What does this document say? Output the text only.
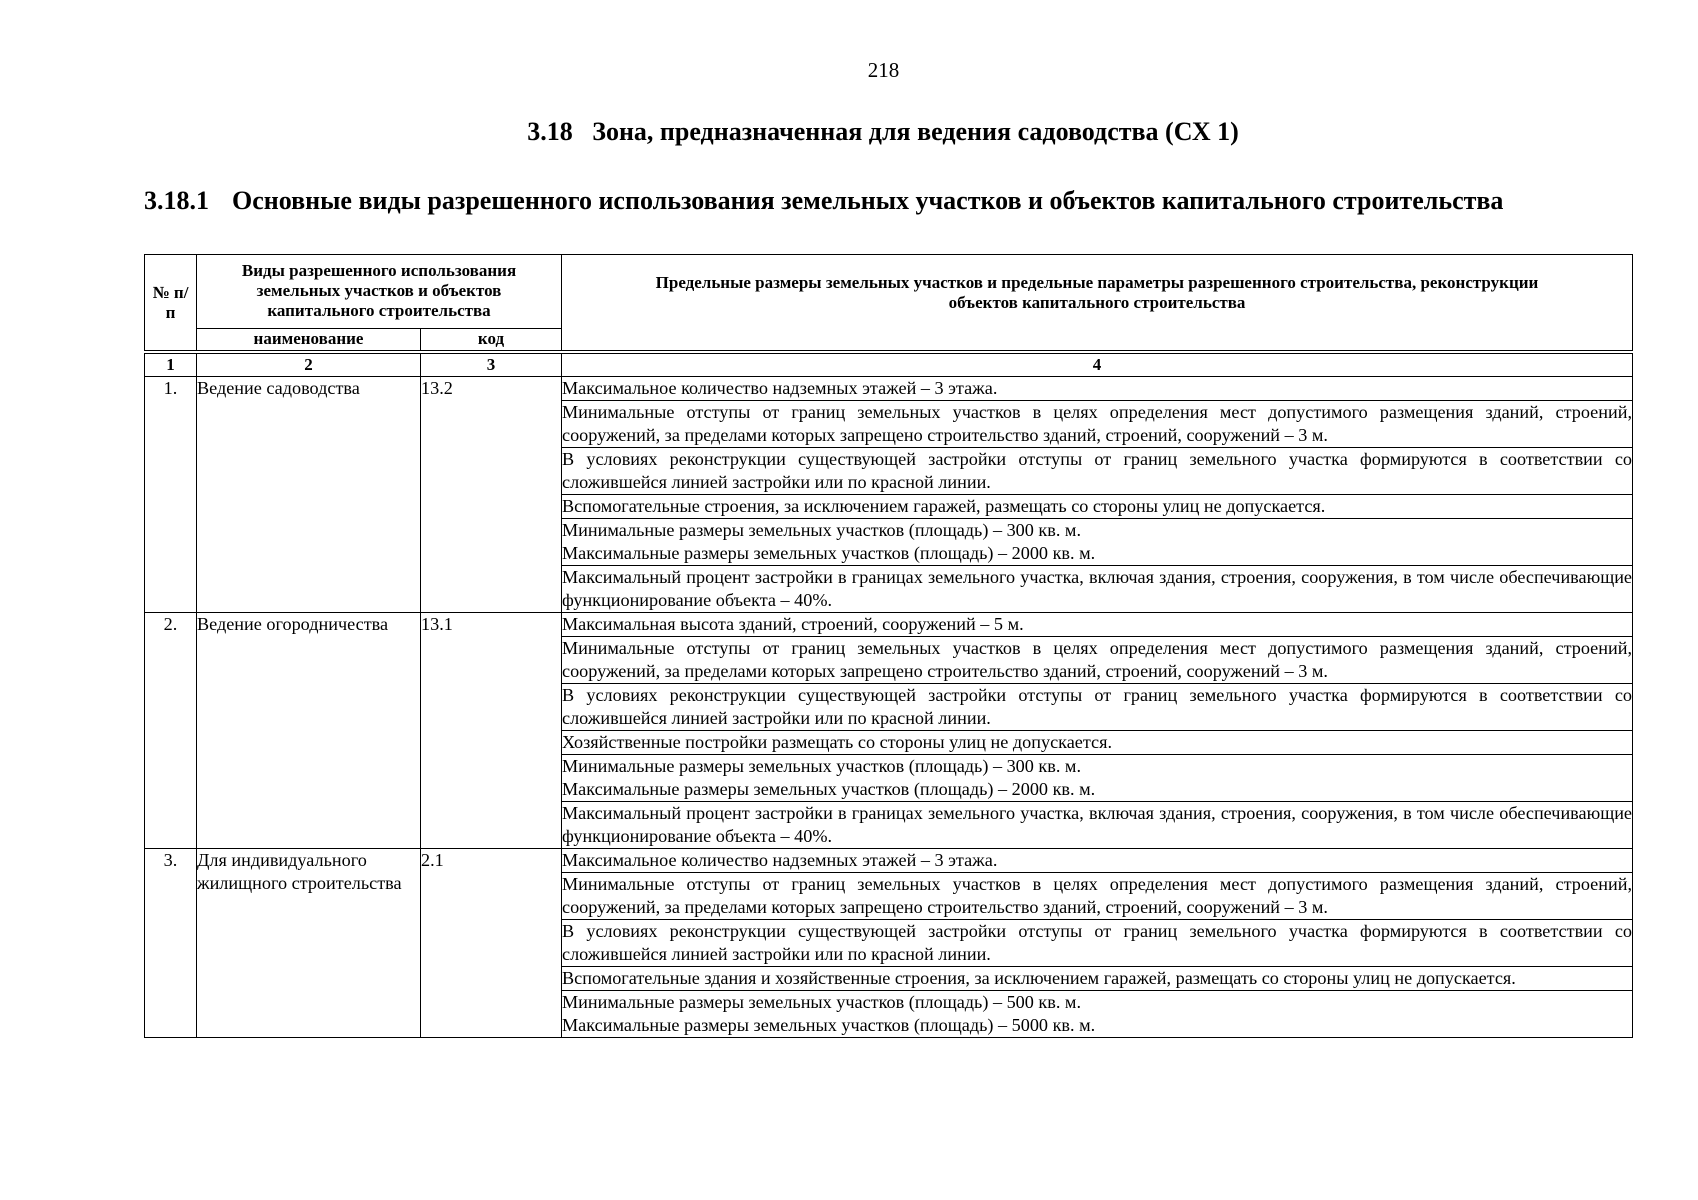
218
3.18   Зона, предназначенная для ведения садоводства (СХ 1)
3.18.1 Основные виды разрешенного использования земельных участков и объектов капитального строительства
№ п/п	Виды разрешенного использования земельных участков и объектов капитального строительства		Предельные размеры земельных участков и предельные параметры разрешенного строительства, реконструкции объектов капитального строительства
	наименование	код	

1	2	3	4
1.	Ведение садоводства	13.2	Максимальное количество надземных этажей – 3 этажа.
			Минимальные отступы от границ земельных участков в целях определения мест допустимого размещения зданий, строений, сооружений, за пределами которых запрещено строительство зданий, строений, сооружений – 3 м.
			В условиях реконструкции существующей застройки отступы от границ земельного участка формируются в соответствии со сложившейся линией застройки или по красной линии.
			Вспомогательные строения, за исключением гаражей, размещать со стороны улиц не допускается.
			Минимальные размеры земельных участков (площадь) – 300 кв. м.
Максимальные размеры земельных участков (площадь) – 2000 кв. м.
			Максимальный процент застройки в границах земельного участка, включая здания, строения, сооружения, в том числе обеспечивающие функционирование объекта – 40%.
2.	Ведение огородничества	13.1	Максимальная высота зданий, строений, сооружений – 5 м.
			Минимальные отступы от границ земельных участков в целях определения мест допустимого размещения зданий, строений, сооружений, за пределами которых запрещено строительство зданий, строений, сооружений – 3 м.
			В условиях реконструкции существующей застройки отступы от границ земельного участка формируются в соответствии со сложившейся линией застройки или по красной линии.
			Хозяйственные постройки размещать со стороны улиц не допускается.
			Минимальные размеры земельных участков (площадь) – 300 кв. м.
Максимальные размеры земельных участков (площадь) – 2000 кв. м.
			Максимальный процент застройки в границах земельного участка, включая здания, строения, сооружения, в том числе обеспечивающие функционирование объекта – 40%.
3.	Для индивидуального жилищного строительства	2.1	Максимальное количество надземных этажей – 3 этажа.
			Минимальные отступы от границ земельных участков в целях определения мест допустимого размещения зданий, строений, сооружений, за пределами которых запрещено строительство зданий, строений, сооружений – 3 м.
			В условиях реконструкции существующей застройки отступы от границ земельного участка формируются в соответствии со сложившейся линией застройки или по красной линии.
			Вспомогательные здания и хозяйственные строения, за исключением гаражей, размещать со стороны улиц не допускается.
			Минимальные размеры земельных участков (площадь) – 500 кв. м.
Максимальные размеры земельных участков (площадь) – 5000 кв. м.
